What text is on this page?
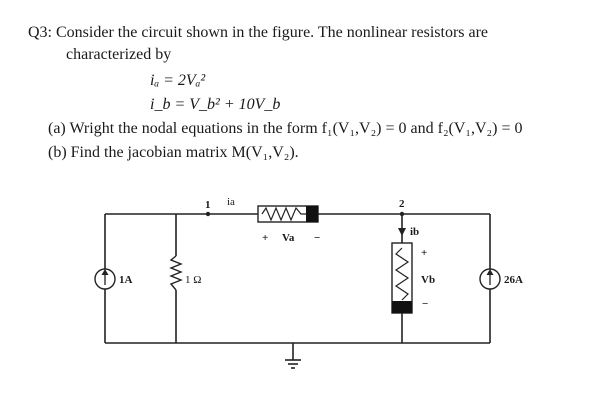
Q3: Consider the circuit shown in the figure. The nonlinear resistors are
characterized by
iₐ = 2Vₐ²
i_b = V_b² + 10V_b
(a) Wright the nodal equations in the form f₁(V₁,V₂) = 0 and f₂(V₁,V₂) = 0
(b) Find the jacobian matrix M(V₁,V₂).
1	2
ia
+ Va −	ib
+
Vb
−
1A	26A
1 Ω
